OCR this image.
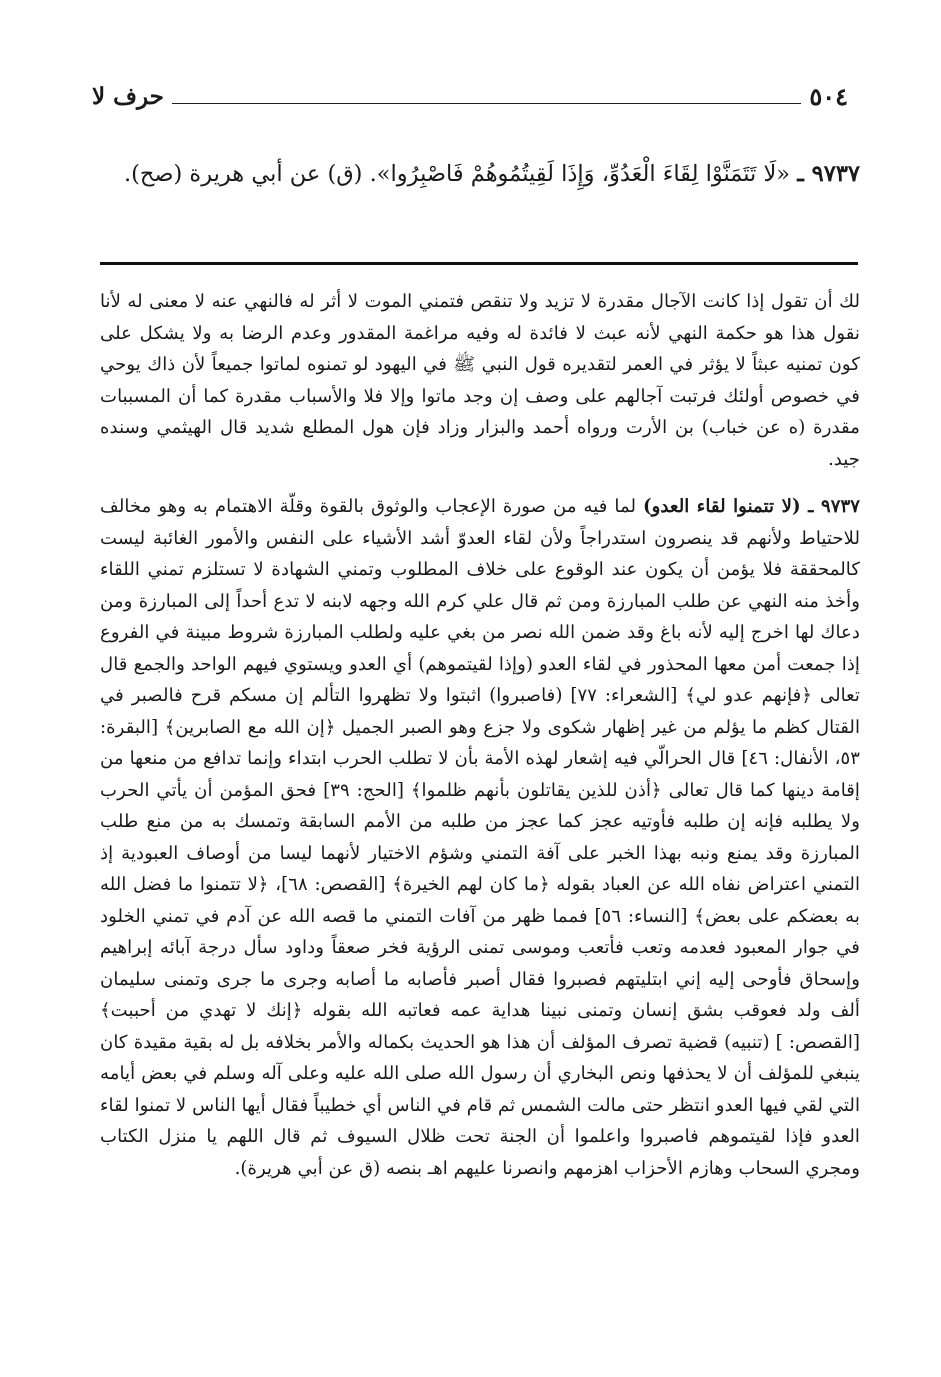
٥٠٤
حرف لا
٩٧٣٧ ـ «لَا تَتَمَنَّوْا لِقَاءَ الْعَدُوِّ، وَإِذَا لَقِيتُمُوهُمْ فَاصْبِرُوا». (ق) عن أبي هريرة (صح).

لك أن تقول إذا كانت الآجال مقدرة لا تزيد ولا تنقص فتمني الموت لا أثر له فالنهي عنه لا معنى له لأنا نقول هذا هو حكمة النهي لأنه عبث لا فائدة له وفيه مراغمة المقدور وعدم الرضا به ولا يشكل على كون تمنيه عبثاً لا يؤثر في العمر لتقديره قول النبي ﷺ في اليهود لو تمنوه لماتوا جميعاً لأن ذاك يوحي في خصوص أولئك فرتبت آجالهم على وصف إن وجد ماتوا وإلا فلا والأسباب مقدرة كما أن المسببات مقدرة (ه عن خباب) بن الأرت ورواه أحمد والبزار وزاد فإن هول المطلع شديد قال الهيثمي وسنده جيد.

٩٧٣٧ ـ (لا تتمنوا لقاء العدو) لما فيه من صورة الإعجاب والوثوق بالقوة وقلّة الاهتمام به وهو مخالف للاحتياط ولأنهم قد ينصرون استدراجاً ولأن لقاء العدوّ أشد الأشياء على النفس والأمور الغائبة ليست كالمحققة فلا يؤمن أن يكون عند الوقوع على خلاف المطلوب وتمني الشهادة لا تستلزم تمني اللقاء وأخذ منه النهي عن طلب المبارزة ومن ثم قال علي كرم الله وجهه لابنه لا تدع أحداً إلى المبارزة ومن دعاك لها اخرج إليه لأنه باغ وقد ضمن الله نصر من بغي عليه ولطلب المبارزة شروط مبينة في الفروع إذا جمعت أمن معها المحذور في لقاء العدو (وإذا لقيتموهم) أي العدو ويستوي فيهم الواحد والجمع قال تعالى ﴿فإنهم عدو لي﴾ [الشعراء: ٧٧] (فاصبروا) اثبتوا ولا تظهروا التألم إن مسكم قرح فالصبر في القتال كظم ما يؤلم من غير إظهار شكوى ولا جزع وهو الصبر الجميل ﴿إن الله مع الصابرين﴾ [البقرة: ٥٣، الأنفال: ٤٦] قال الحرالّي فيه إشعار لهذه الأمة بأن لا تطلب الحرب ابتداء وإنما تدافع من منعها من إقامة دينها كما قال تعالى ﴿أذن للذين يقاتلون بأنهم ظلموا﴾ [الحج: ٣٩] فحق المؤمن أن يأتي الحرب ولا يطلبه فإنه إن طلبه فأوتيه عجز كما عجز من طلبه من الأمم السابقة وتمسك به من منع طلب المبارزة وقد يمنع ونبه بهذا الخبر على آفة التمني وشؤم الاختيار لأنهما ليسا من أوصاف العبودية إذ التمني اعتراض نفاه الله عن العباد بقوله ﴿ما كان لهم الخيرة﴾ [القصص: ٦٨]، ﴿لا تتمنوا ما فضل الله به بعضكم على بعض﴾ [النساء: ٥٦] فمما ظهر من آفات التمني ما قصه الله عن آدم في تمني الخلود في جوار المعبود فعدمه وتعب فأتعب وموسى تمنى الرؤية فخر صعقاً وداود سأل درجة آبائه إبراهيم وإسحاق فأوحى إليه إني ابتليتهم فصبروا فقال أصبر فأصابه ما أصابه وجرى ما جرى وتمنى سليمان ألف ولد فعوقب بشق إنسان وتمنى نبينا هداية عمه فعاتبه الله بقوله ﴿إنك لا تهدي من أحببت﴾ [القصص: ] (تنبيه) قضية تصرف المؤلف أن هذا هو الحديث بكماله والأمر بخلافه بل له بقية مقيدة كان ينبغي للمؤلف أن لا يحذفها ونص البخاري أن رسول الله صلى الله عليه وعلى آله وسلم في بعض أيامه التي لقي فيها العدو انتظر حتى مالت الشمس ثم قام في الناس أي خطيباً فقال أيها الناس لا تمنوا لقاء العدو فإذا لقيتموهم فاصبروا واعلموا أن الجنة تحت ظلال السيوف ثم قال اللهم يا منزل الكتاب ومجري السحاب وهازم الأحزاب اهزمهم وانصرنا عليهم اهـ بنصه (ق عن أبي هريرة).
